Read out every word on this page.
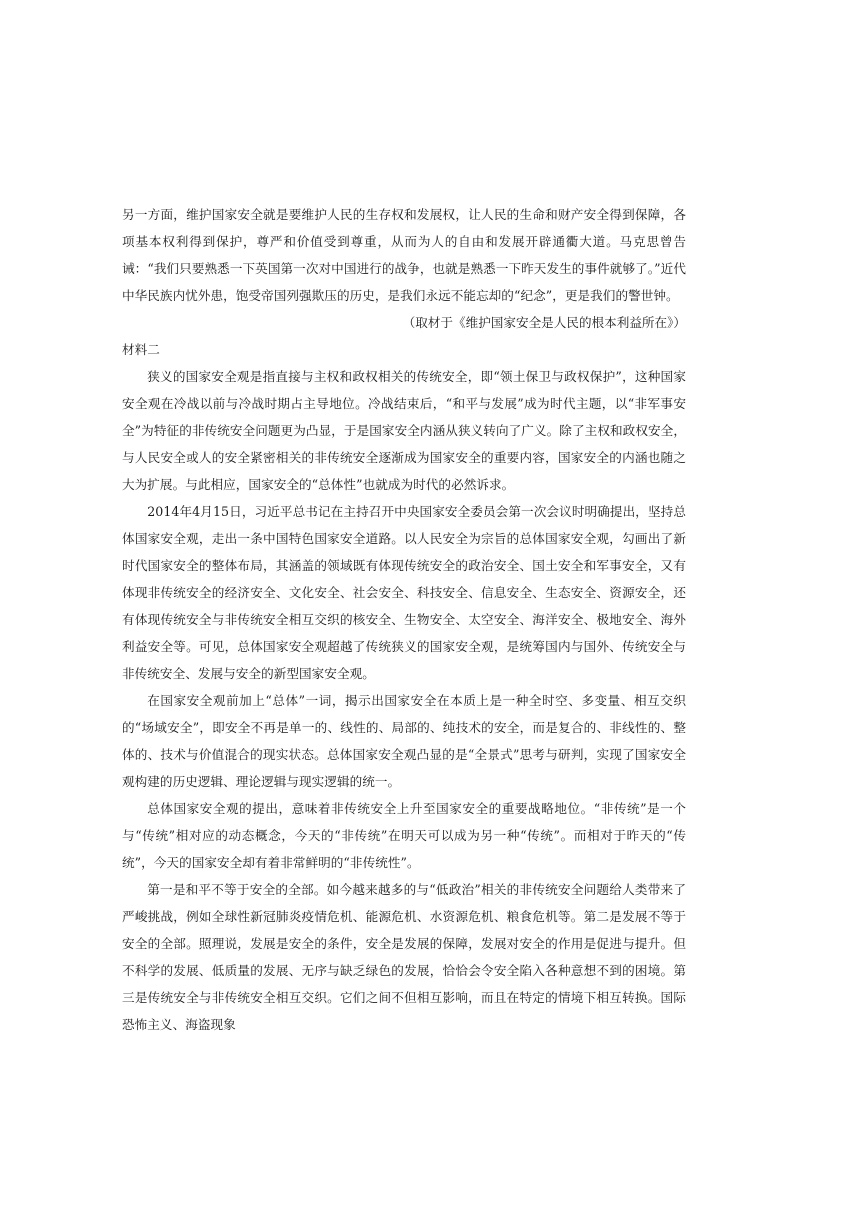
另一方面，维护国家安全就是要维护人民的生存权和发展权，让人民的生命和财产安全得到保障，各项基本权利得到保护，尊严和价值受到尊重，从而为人的自由和发展开辟通衢大道。马克思曾告诫：“我们只要熟悉一下英国第一次对中国进行的战争，也就是熟悉一下昨天发生的事件就够了。”近代中华民族内忧外患，饱受帝国列强欺压的历史，是我们永远不能忘却的“纪念”，更是我们的警世钟。

（取材于《维护国家安全是人民的根本利益所在》）

材料二

狭义的国家安全观是指直接与主权和政权相关的传统安全，即“领土保卫与政权保护”，这种国家安全观在冷战以前与冷战时期占主导地位。冷战结束后，“和平与发展”成为时代主题，以“非军事安全”为特征的非传统安全问题更为凸显，于是国家安全内涵从狭义转向了广义。除了主权和政权安全，与人民安全或人的安全紧密相关的非传统安全逐渐成为国家安全的重要内容，国家安全的内涵也随之大为扩展。与此相应，国家安全的“总体性”也就成为时代的必然诉求。

2014年4月15日，习近平总书记在主持召开中央国家安全委员会第一次会议时明确提出，坚持总体国家安全观，走出一条中国特色国家安全道路。以人民安全为宗旨的总体国家安全观，勾画出了新时代国家安全的整体布局，其涵盖的领域既有体现传统安全的政治安全、国土安全和军事安全，又有体现非传统安全的经济安全、文化安全、社会安全、科技安全、信息安全、生态安全、资源安全，还有体现传统安全与非传统安全相互交织的核安全、生物安全、太空安全、海洋安全、极地安全、海外利益安全等。可见，总体国家安全观超越了传统狭义的国家安全观，是统筹国内与国外、传统安全与非传统安全、发展与安全的新型国家安全观。

在国家安全观前加上“总体”一词，揭示出国家安全在本质上是一种全时空、多变量、相互交织的“场域安全”，即安全不再是单一的、线性的、局部的、纯技术的安全，而是复合的、非线性的、整体的、技术与价值混合的现实状态。总体国家安全观凸显的是“全景式”思考与研判，实现了国家安全观构建的历史逻辑、理论逻辑与现实逻辑的统一。

总体国家安全观的提出，意味着非传统安全上升至国家安全的重要战略地位。“非传统”是一个与“传统”相对应的动态概念，今天的“非传统”在明天可以成为另一种“传统”。而相对于昨天的“传统”，今天的国家安全却有着非常鲜明的“非传统性”。

第一是和平不等于安全的全部。如今越来越多的与“低政治”相关的非传统安全问题给人类带来了严峻挑战，例如全球性新冠肺炎疫情危机、能源危机、水资源危机、粮食危机等。第二是发展不等于安全的全部。照理说，发展是安全的条件，安全是发展的保障，发展对安全的作用是促进与提升。但不科学的发展、低质量的发展、无序与缺乏绿色的发展，恰恰会令安全陷入各种意想不到的困境。第三是传统安全与非传统安全相互交织。它们之间不但相互影响，而且在特定的情境下相互转换。国际恐怖主义、海盗现象
